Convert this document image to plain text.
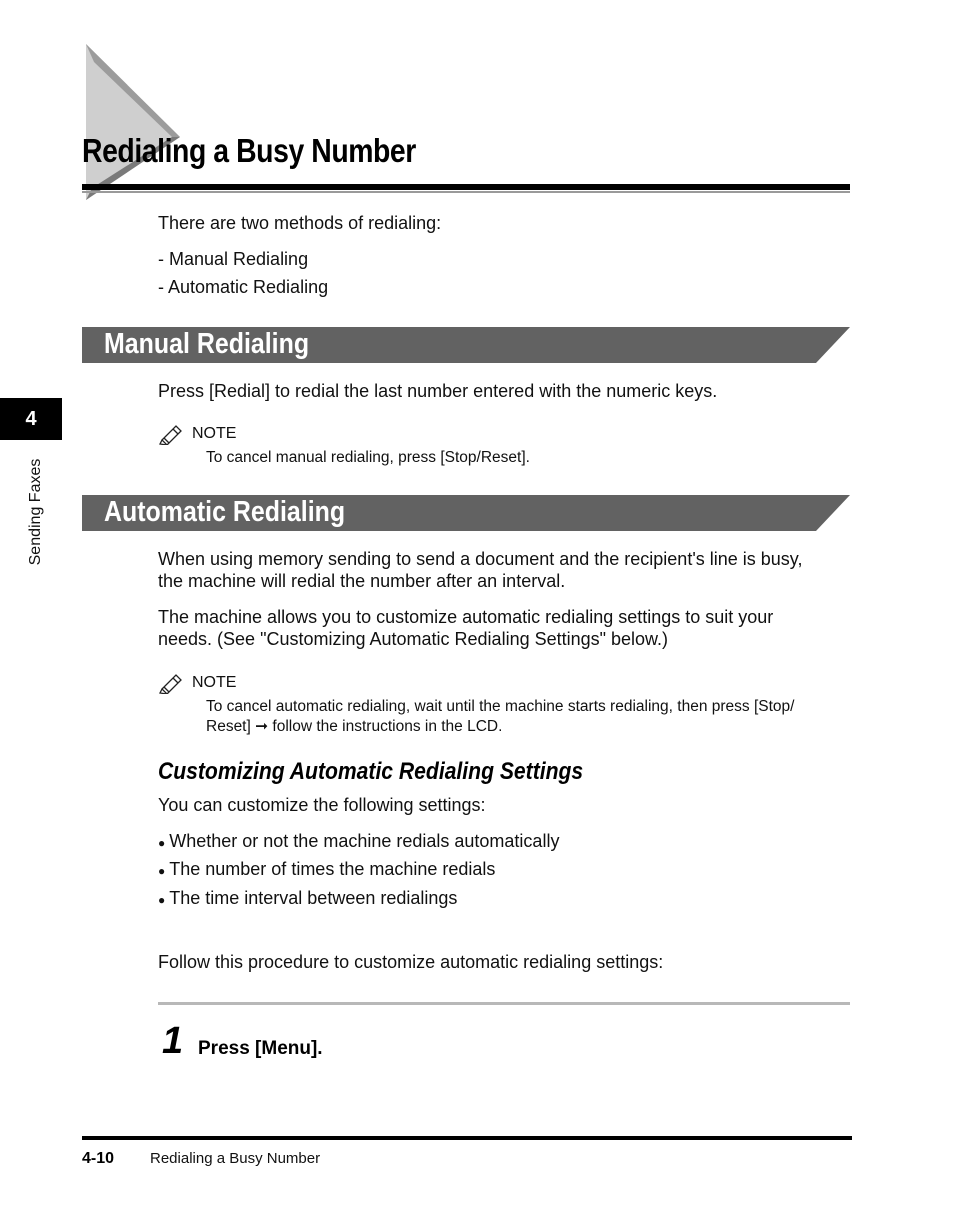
Redialing a Busy Number
There are two methods of redialing:
- Manual Redialing
- Automatic Redialing
Manual Redialing
Press [Redial] to redial the last number entered with the numeric keys.
NOTE
To cancel manual redialing, press [Stop/Reset].
Automatic Redialing
When using memory sending to send a document and the recipient's line is busy,
the machine will redial the number after an interval.
The machine allows you to customize automatic redialing settings to suit your
needs. (See "Customizing Automatic Redialing Settings" below.)
NOTE
To cancel automatic redialing, wait until the machine starts redialing, then press [Stop/
Reset] ➞ follow the instructions in the LCD.
Customizing Automatic Redialing Settings
You can customize the following settings:
● Whether or not the machine redials automatically
● The number of times the machine redials
● The time interval between redialings
Follow this procedure to customize automatic redialing settings:
1 Press [Menu].
4
Sending Faxes
4-10 Redialing a Busy Number
